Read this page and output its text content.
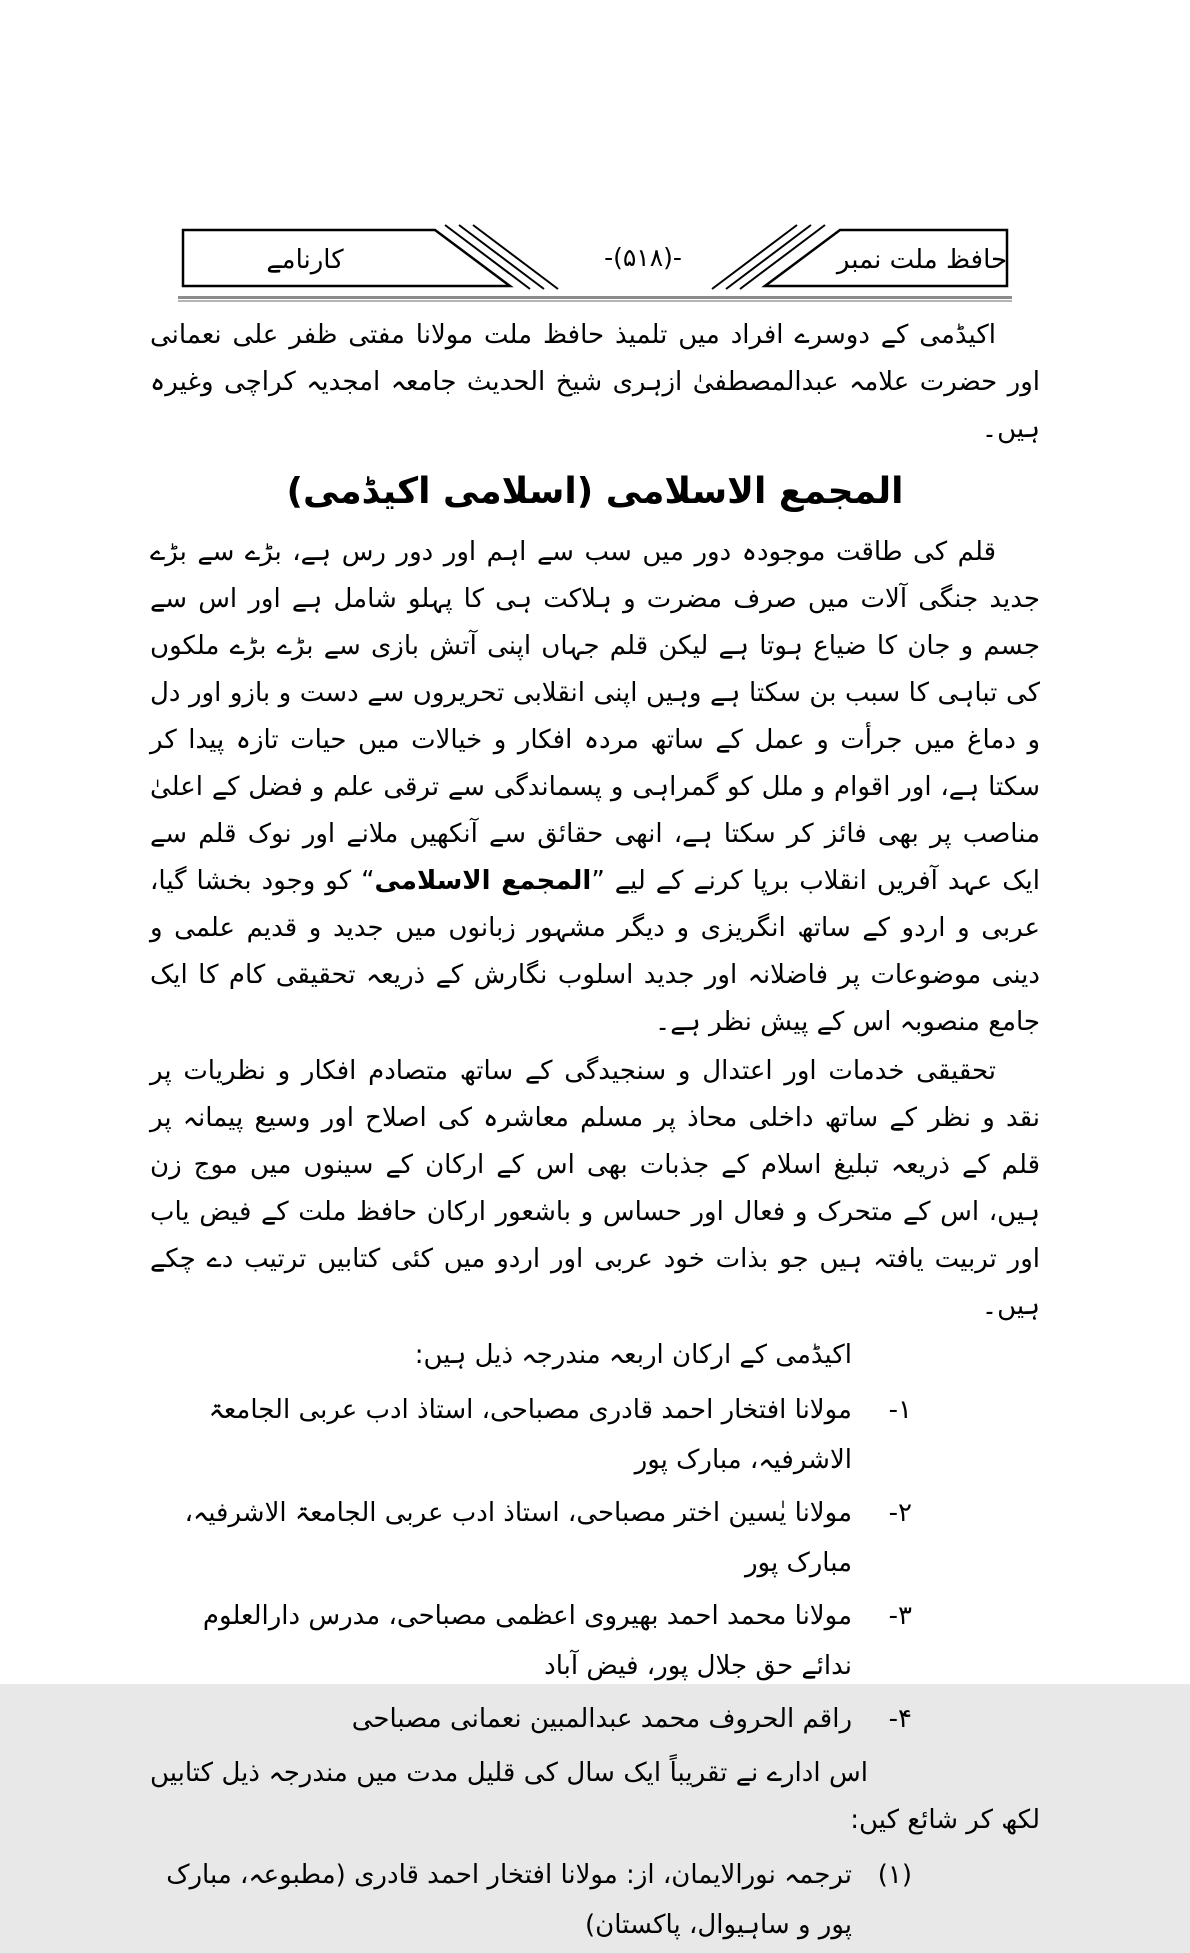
کارنامے	-(۵۱۸)-	حافظ ملت نمبر

اکیڈمی کے دوسرے افراد میں تلمیذ حافظ ملت مولانا مفتی ظفر علی نعمانی اور حضرت علامہ عبدالمصطفیٰ ازہری شیخ الحدیث جامعہ امجدیہ کراچی وغیرہ ہیں۔

المجمع الاسلامی (اسلامی اکیڈمی)

قلم کی طاقت موجودہ دور میں سب سے اہم اور دور رس ہے، بڑے سے بڑے جدید جنگی آلات میں صرف مضرت و ہلاکت ہی کا پہلو شامل ہے اور اس سے جسم و جان کا ضیاع ہوتا ہے لیکن قلم جہاں اپنی آتش بازی سے بڑے بڑے ملکوں کی تباہی کا سبب بن سکتا ہے وہیں اپنی انقلابی تحریروں سے دست و بازو اور دل و دماغ میں جرأت و عمل کے ساتھ مردہ افکار و خیالات میں حیات تازہ پیدا کر سکتا ہے، اور اقوام و ملل کو گمراہی و پسماندگی سے ترقی علم و فضل کے اعلیٰ مناصب پر بھی فائز کر سکتا ہے، انھی حقائق سے آنکھیں ملانے اور نوک قلم سے ایک عہد آفریں انقلاب برپا کرنے کے لیے ”المجمع الاسلامی“ کو وجود بخشا گیا، عربی و اردو کے ساتھ انگریزی و دیگر مشہور زبانوں میں جدید و قدیم علمی و دینی موضوعات پر فاضلانہ اور جدید اسلوب نگارش کے ذریعہ تحقیقی کام کا ایک جامع منصوبہ اس کے پیش نظر ہے۔

تحقیقی خدمات اور اعتدال و سنجیدگی کے ساتھ متصادم افکار و نظریات پر نقد و نظر کے ساتھ داخلی محاذ پر مسلم معاشرہ کی اصلاح اور وسیع پیمانہ پر قلم کے ذریعہ تبلیغ اسلام کے جذبات بھی اس کے ارکان کے سینوں میں موج زن ہیں، اس کے متحرک و فعال اور حساس و باشعور ارکان حافظ ملت کے فیض یاب اور تربیت یافتہ ہیں جو بذات خود عربی اور اردو میں کئی کتابیں ترتیب دے چکے ہیں۔

اکیڈمی کے ارکان اربعہ مندرجہ ذیل ہیں:

۱-
مولانا افتخار احمد قادری مصباحی، استاذ ادب عربی الجامعۃ الاشرفیہ، مبارک پور
۲-
مولانا یٰسین اختر مصباحی، استاذ ادب عربی الجامعۃ الاشرفیہ، مبارک پور
۳-
مولانا محمد احمد بھیروی اعظمی مصباحی، مدرس دارالعلوم ندائے حق جلال پور، فیض آباد
۴-
راقم الحروف محمد عبدالمبین نعمانی مصباحی

اس ادارے نے تقریباً ایک سال کی قلیل مدت میں مندرجہ ذیل کتابیں لکھ کر شائع کیں:

(۱)
ترجمہ نورالایمان، از: مولانا افتخار احمد قادری (مطبوعہ، مبارک پور و ساہیوال، پاکستان)
